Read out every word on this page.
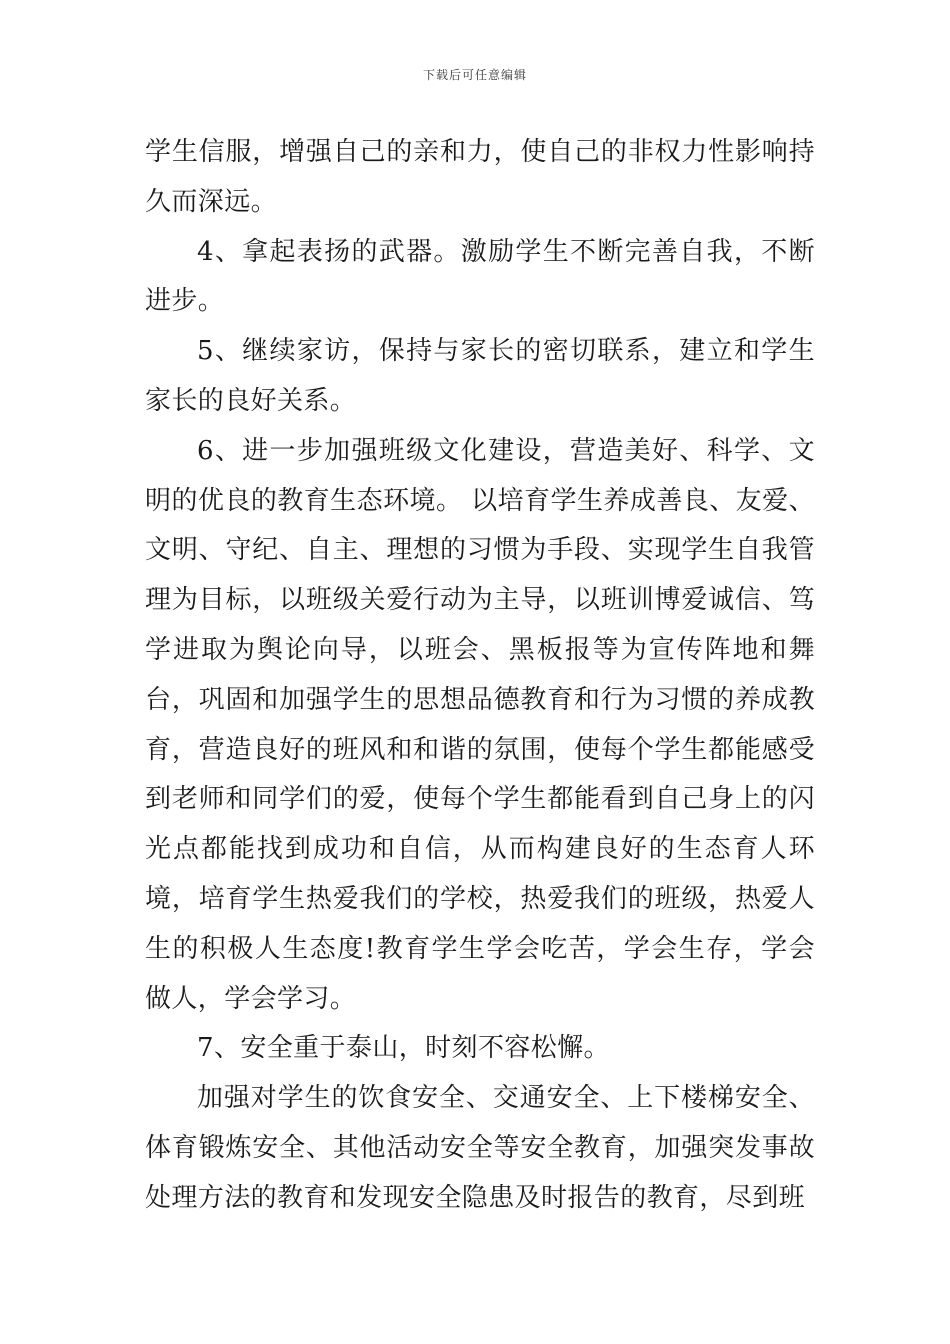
下载后可任意编辑

学生信服，增强自己的亲和力，使自己的非权力性影响持久而深远。

4、拿起表扬的武器。激励学生不断完善自我，不断进步。

5、继续家访，保持与家长的密切联系，建立和学生家长的良好关系。

6、进一步加强班级文化建设，营造美好、科学、文明的优良的教育生态环境。 以培育学生养成善良、友爱、文明、守纪、自主、理想的习惯为手段、实现学生自我管理为目标，以班级关爱行动为主导，以班训博爱诚信、笃学进取为舆论向导，以班会、黑板报等为宣传阵地和舞台，巩固和加强学生的思想品德教育和行为习惯的养成教育，营造良好的班风和和谐的氛围，使每个学生都能感受到老师和同学们的爱，使每个学生都能看到自己身上的闪光点都能找到成功和自信，从而构建良好的生态育人环境，培育学生热爱我们的学校，热爱我们的班级，热爱人生的积极人生态度!教育学生学会吃苦，学会生存，学会做人，学会学习。

7、安全重于泰山，时刻不容松懈。

加强对学生的饮食安全、交通安全、上下楼梯安全、体育锻炼安全、其他活动安全等安全教育，加强突发事故处理方法的教育和发现安全隐患及时报告的教育，尽到班
